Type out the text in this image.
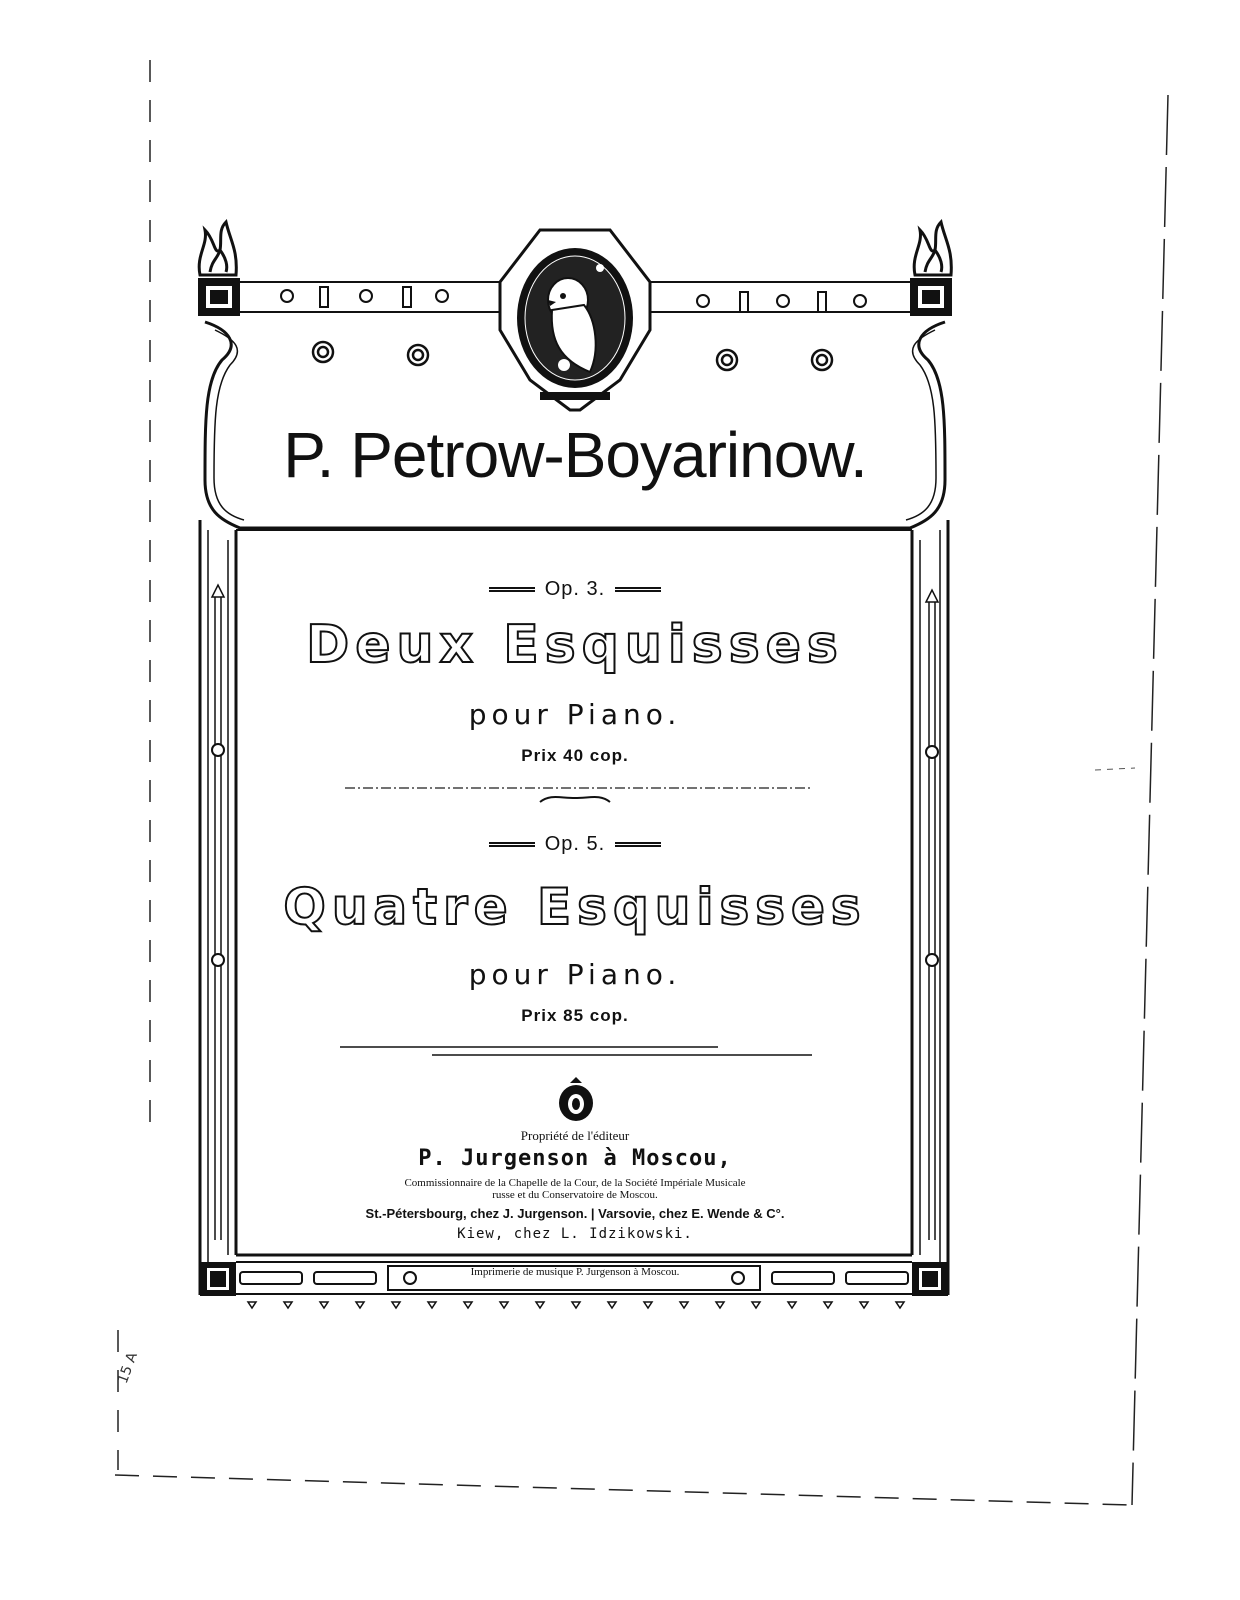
P. Petrow-Boyarinow.
Op. 3.
Deux Esquisses
pour Piano.
Prix 40 cop.
Op. 5.
Quatre Esquisses
pour Piano.
Prix 85 cop.
Propriété de l'éditeur
P. Jurgenson à Moscou,
Commissionnaire de la Chapelle de la Cour, de la Société Impériale Musicale
russe et du Conservatoire de Moscou.
St.-Pétersbourg, chez J. Jurgenson. | Varsovie, chez E. Wende & C°.
Kiew, chez L. Idzikowski.
Imprimerie de musique P. Jurgenson à Moscou.
15 A
